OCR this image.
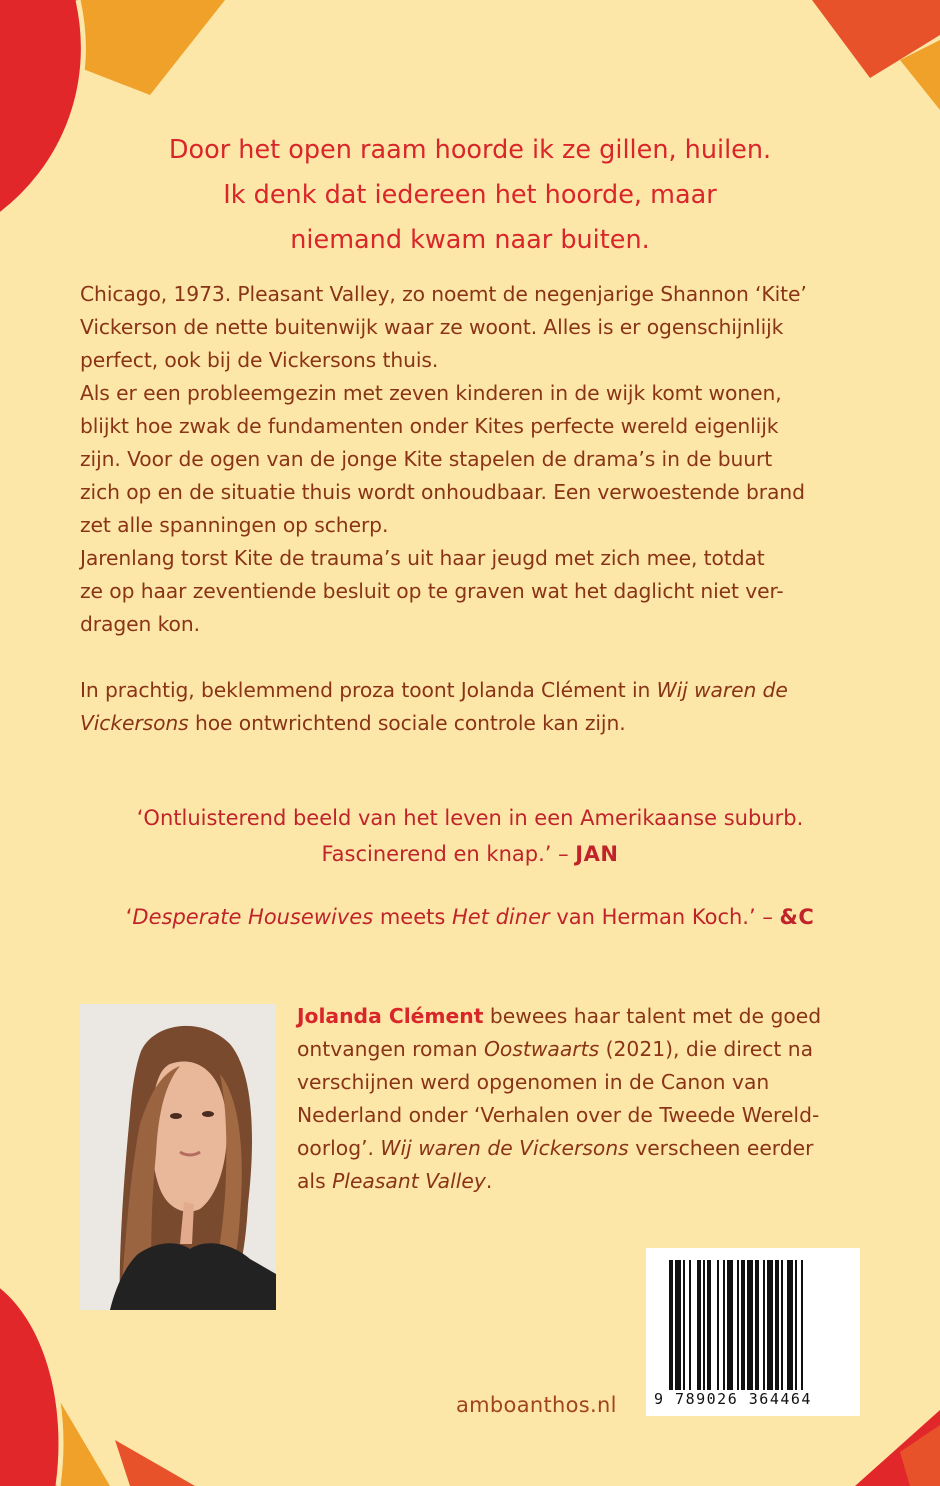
Door het open raam hoorde ik ze gillen, huilen.
Ik denk dat iedereen het hoorde, maar
niemand kwam naar buiten.

Chicago, 1973. Pleasant Valley, zo noemt de negenjarige Shannon ‘Kite’
Vickerson de nette buitenwijk waar ze woont. Alles is er ogenschijnlijk
perfect, ook bij de Vickersons thuis.

Als er een probleemgezin met zeven kinderen in de wijk komt wonen,
blijkt hoe zwak de fundamenten onder Kites perfecte wereld eigenlijk
zijn. Voor de ogen van de jonge Kite stapelen de drama’s in de buurt
zich op en de situatie thuis wordt onhoudbaar. Een verwoestende brand
zet alle spanningen op scherp.

Jarenlang torst Kite de trauma’s uit haar jeugd met zich mee, totdat
ze op haar zeventiende besluit op te graven wat het daglicht niet ver-
dragen kon.

In prachtig, beklemmend proza toont Jolanda Clément in Wij waren de
Vickersons hoe ontwrichtend sociale controle kan zijn.

‘Ontluisterend beeld van het leven in een Amerikaanse suburb.
Fascinerend en knap.’ – JAN
‘Desperate Housewives meets Het diner van Herman Koch.’ – &C
Jolanda Clément bewees haar talent met de goed
ontvangen roman Oostwaarts (2021), die direct na
verschijnen werd opgenomen in de Canon van
Nederland onder ‘Verhalen over de Tweede Wereld-
oorlog’. Wij waren de Vickersons verscheen eerder
als Pleasant Valley.
9 789026 364464
amboanthos.nl
